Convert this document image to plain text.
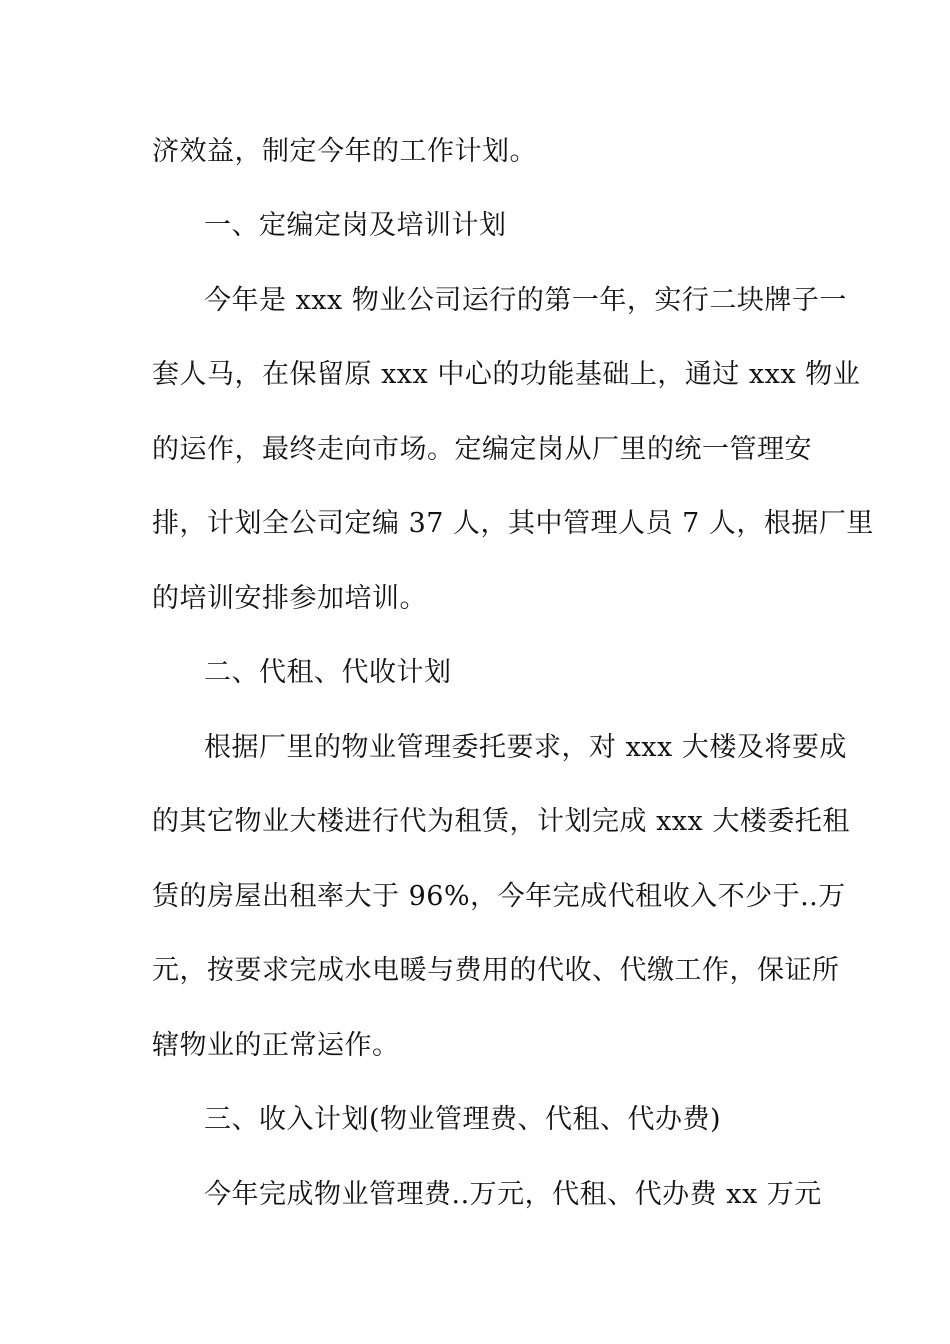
济效益，制定今年的工作计划。
一、定编定岗及培训计划
今年是 xxx 物业公司运行的第一年，实行二块牌子一
套人马，在保留原 xxx 中心的功能基础上，通过 xxx 物业
的运作，最终走向市场。定编定岗从厂里的统一管理安
排，计划全公司定编 37 人，其中管理人员 7 人，根据厂里
的培训安排参加培训。
二、代租、代收计划
根据厂里的物业管理委托要求，对 xxx 大楼及将要成
的其它物业大楼进行代为租赁，计划完成 xxx 大楼委托租
赁的房屋出租率大于 96%，今年完成代租收入不少于..万
元，按要求完成水电暖与费用的代收、代缴工作，保证所
辖物业的正常运作。
三、收入计划(物业管理费、代租、代办费)
今年完成物业管理费..万元，代租、代办费 xx 万元
